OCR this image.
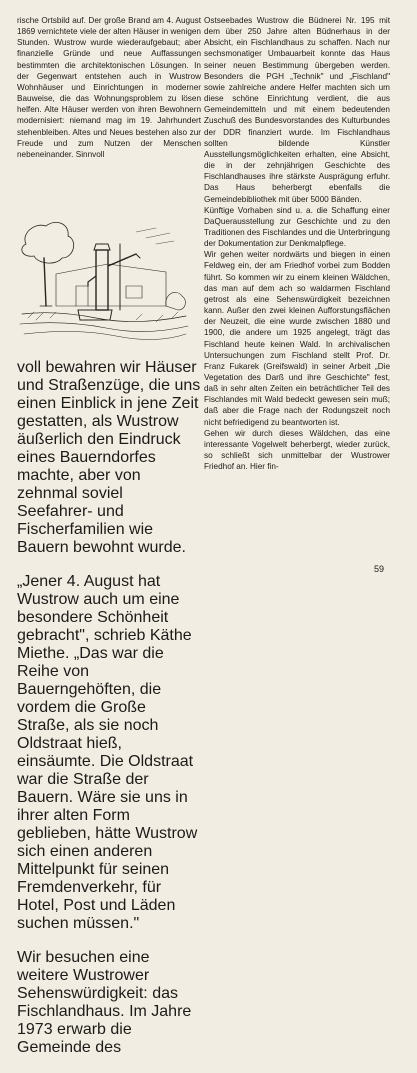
rische Ortsbild auf. Der große Brand am 4. August 1869 vernichtete viele der alten Häuser in wenigen Stunden. Wustrow wurde wiederaufgebaut; aber finanzielle Gründe und neue Auffassungen bestimmten die architektonischen Lösungen. In der Gegenwart entstehen auch in Wustrow Wohnhäuser und Einrichtungen in moderner Bauweise, die das Wohnungsproblem zu lösen helfen. Alte Häuser werden von ihren Bewohnern modernisiert: niemand mag im 19. Jahrhundert stehenbleiben. Altes und Neues bestehen also zur Freude und zum Nutzen der Menschen nebeneinander. Sinnvoll

voll bewahren wir Häuser und Straßenzüge, die uns einen Einblick in jene Zeit gestatten, als Wustrow äußerlich den Eindruck eines Bauerndorfes machte, aber von zehnmal soviel Seefahrer- und Fischerfamilien wie Bauern bewohnt wurde.

„Jener 4. August hat Wustrow auch um eine besondere Schönheit gebracht", schrieb Käthe Miethe. „Das war die Reihe von Bauerngehöften, die vordem die Große Straße, als sie noch Oldstraat hieß, einsäumte. Die Oldstraat war die Straße der Bauern. Wäre sie uns in ihrer alten Form geblieben, hätte Wustrow sich einen anderen Mittelpunkt für seinen Fremdenverkehr, für Hotel, Post und Läden suchen müssen."

Wir besuchen eine weitere Wustrower Sehenswürdigkeit: das Fischlandhaus. Im Jahre 1973 erwarb die Gemeinde des

Ostseebades Wustrow die Büdnerei Nr. 195 mit dem über 250 Jahre alten Büdnerhaus in der Absicht, ein Fischlandhaus zu schaffen. Nach nur sechsmonatiger Umbauarbeit konnte das Haus seiner neuen Bestimmung übergeben werden. Besonders die PGH „Technik" und „Fischland" sowie zahlreiche andere Helfer machten sich um diese schöne Einrichtung verdient, die aus Gemeindemitteln und mit einem bedeutenden Zuschuß des Bundesvorstandes des Kulturbundes der DDR finanziert wurde. Im Fischlandhaus sollten bildende Künstler Ausstellungsmöglichkeiten erhalten, eine Absicht, die in der zehnjährigen Geschichte des Fischlandhauses ihre stärkste Ausprägung erfuhr. Das Haus beherbergt ebenfalls die Gemeindebibliothek mit über 5000 Bänden.

Künftige Vorhaben sind u. a. die Schaffung einer DaQuerausstellung zur Geschichte und zu den Traditionen des Fischlandes und die Unterbringung der Dokumentation zur Denkmalpflege.

Wir gehen weiter nordwärts und biegen in einen Feldweg ein, der am Friedhof vorbei zum Bodden führt. So kommen wir zu einem kleinen Wäldchen, das man auf dem ach so waldarmen Fischland getrost als eine Sehenswürdigkeit bezeichnen kann. Außer den zwei kleinen Aufforstungsflächen der Neuzeit, die eine wurde zwischen 1880 und 1900, die andere um 1925 angelegt, trägt das Fischland heute keinen Wald. In archivalischen Untersuchungen zum Fischland stellt Prof. Dr. Franz Fukarek (Greifswald) in seiner Arbeit „Die Vegetation des Darß und ihre Geschichte" fest, daß in sehr alten Zeiten ein beträchtlicher Teil des Fischlandes mit Wald bedeckt gewesen sein muß; daß aber die Frage nach der Rodungszeit noch nicht befriedigend zu beantworten ist.

Gehen wir durch dieses Wäldchen, das eine interessante Vogelwelt beherbergt, wieder zurück, so schließt sich unmittelbar der Wustrower Friedhof an. Hier fin-

59
